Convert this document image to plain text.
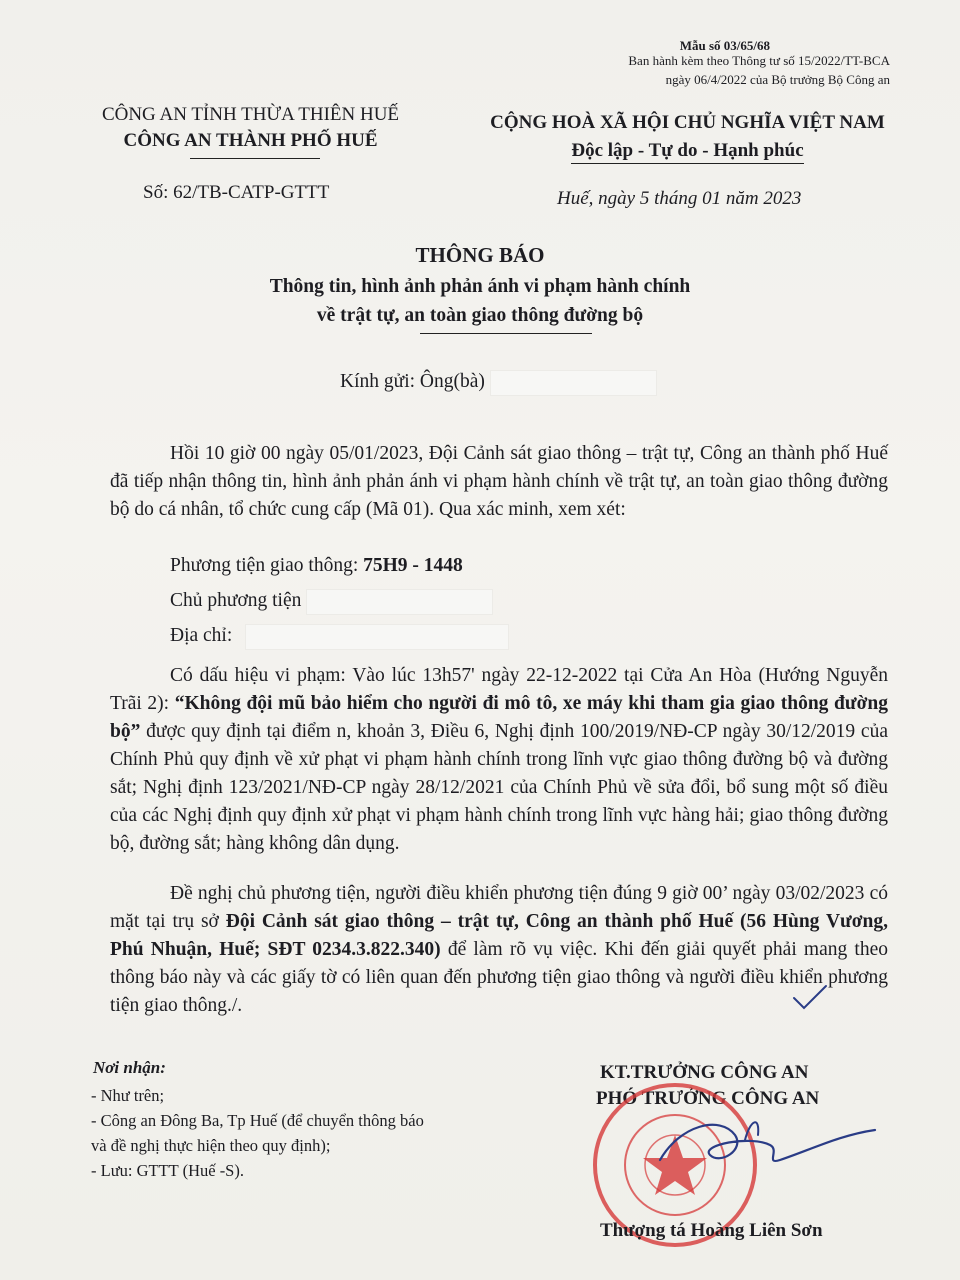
Mẫu số 03/65/68
Ban hành kèm theo Thông tư số 15/2022/TT-BCA
ngày 06/4/2022 của Bộ trưởng Bộ Công an
CÔNG AN TỈNH THỪA THIÊN HUẾ
CÔNG AN THÀNH PHỐ HUẾ
Số: 62/TB-CATP-GTTT
CỘNG HOÀ XÃ HỘI CHỦ NGHĨA VIỆT NAM
Độc lập - Tự do - Hạnh phúc
Huế, ngày 5 tháng 01 năm 2023
THÔNG BÁO
Thông tin, hình ảnh phản ánh vi phạm hành chính
về trật tự, an toàn giao thông đường bộ
Kính gửi: Ông(bà)
Hồi 10 giờ 00 ngày 05/01/2023, Đội Cảnh sát giao thông – trật tự, Công an thành phố Huế đã tiếp nhận thông tin, hình ảnh phản ánh vi phạm hành chính về trật tự, an toàn giao thông đường bộ do cá nhân, tổ chức cung cấp (Mã 01). Qua xác minh, xem xét:
Phương tiện giao thông: 75H9 - 1448
Chủ phương tiện
Địa chỉ:
Có dấu hiệu vi phạm: Vào lúc 13h57' ngày 22-12-2022 tại Cửa An Hòa (Hướng Nguyễn Trãi 2): “Không đội mũ bảo hiểm cho người đi mô tô, xe máy khi tham gia giao thông đường bộ” được quy định tại điểm n, khoản 3, Điều 6, Nghị định 100/2019/NĐ-CP ngày 30/12/2019 của Chính Phủ quy định về xử phạt vi phạm hành chính trong lĩnh vực giao thông đường bộ và đường sắt; Nghị định 123/2021/NĐ-CP ngày 28/12/2021 của Chính Phủ về sửa đổi, bổ sung một số điều của các Nghị định quy định xử phạt vi phạm hành chính trong lĩnh vực hàng hải; giao thông đường bộ, đường sắt; hàng không dân dụng.
Đề nghị chủ phương tiện, người điều khiển phương tiện đúng 9 giờ 00’ ngày 03/02/2023 có mặt tại trụ sở Đội Cảnh sát giao thông – trật tự, Công an thành phố Huế (56 Hùng Vương, Phú Nhuận, Huế; SĐT 0234.3.822.340) để làm rõ vụ việc. Khi đến giải quyết phải mang theo thông báo này và các giấy tờ có liên quan đến phương tiện giao thông và người điều khiển phương tiện giao thông./.
Nơi nhận:
- Như trên;
- Công an Đông Ba, Tp Huế (để chuyển thông báo
và đề nghị thực hiện theo quy định);
- Lưu: GTTT (Huế -S).
KT.TRƯỞNG CÔNG AN
PHÓ TRƯỞNG CÔNG AN
Thượng tá Hoàng Liên Sơn
